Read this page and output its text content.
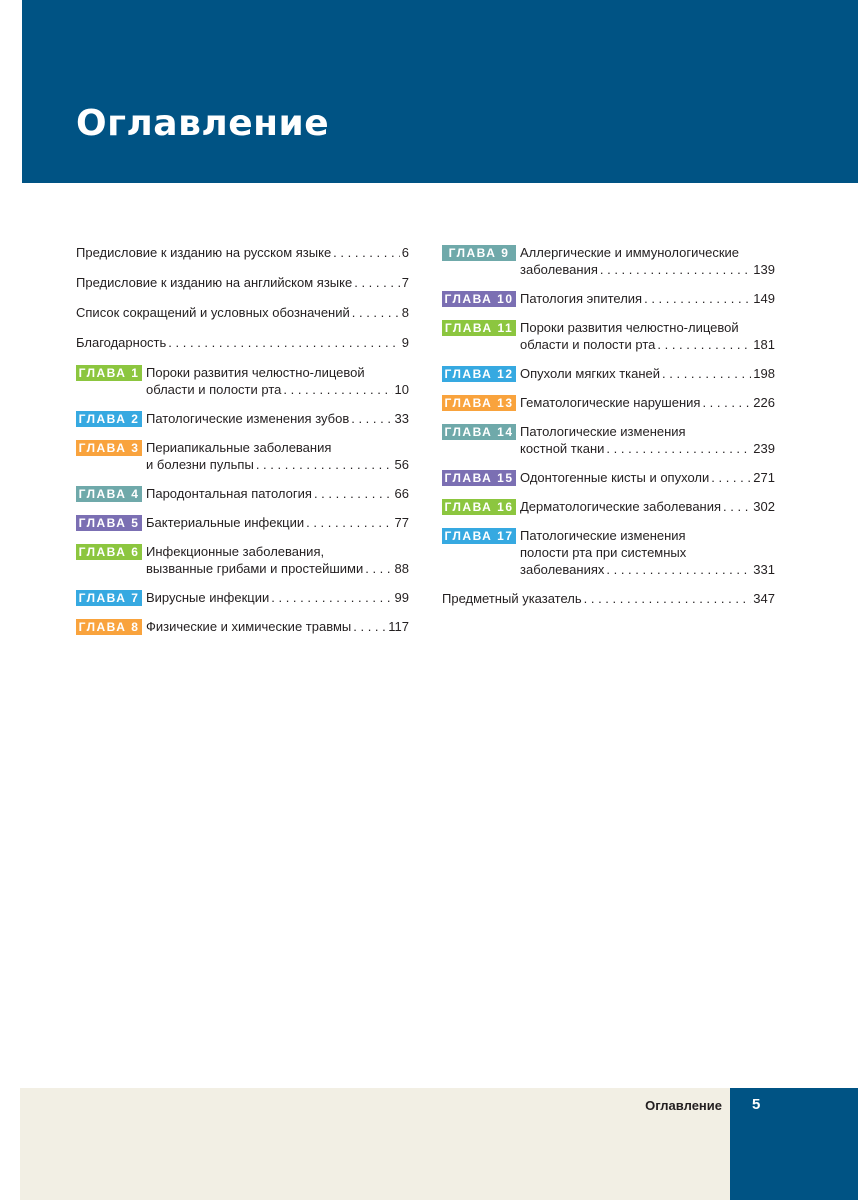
Оглавление
Предисловие к изданию на русском языке . . .	6
Предисловие к изданию на английском языке . . .	7
Список сокращений и условных обозначений . . .	8
Благодарность . . .	9
ГЛАВА 1 Пороки развития челюстно-лицевой
области и полости рта . . .	10
ГЛАВА 2 Патологические изменения зубов . . .	33
ГЛАВА 3 Периапикальные заболевания
и болезни пульпы . . .	56
ГЛАВА 4 Пародонтальная патология . . .	66
ГЛАВА 5 Бактериальные инфекции . . .	77
ГЛАВА 6 Инфекционные заболевания,
вызванные грибами и простейшими . . . 88
ГЛАВА 7 Вирусные инфекции . . .	99
ГЛАВА 8 Физические и химические травмы . . .	117
ГЛАВА 9 Аллергические и иммунологические
заболевания . . .	139
ГЛАВА 10 Патология эпителия . . .	149
ГЛАВА 11 Пороки развития челюстно-лицевой
области и полости рта . . .	181
ГЛАВА 12 Опухоли мягких тканей . . .	198
ГЛАВА 13 Гематологические нарушения . . .	226
ГЛАВА 14 Патологические изменения
костной ткани . . .	239
ГЛАВА 15 Одонтогенные кисты и опухоли . . .	271
ГЛАВА 16 Дерматологические заболевания . . . 302
ГЛАВА 17 Патологические изменения
полости рта при системных
заболеваниях . . .	331
Предметный указатель . . .	347
Оглавление 5
